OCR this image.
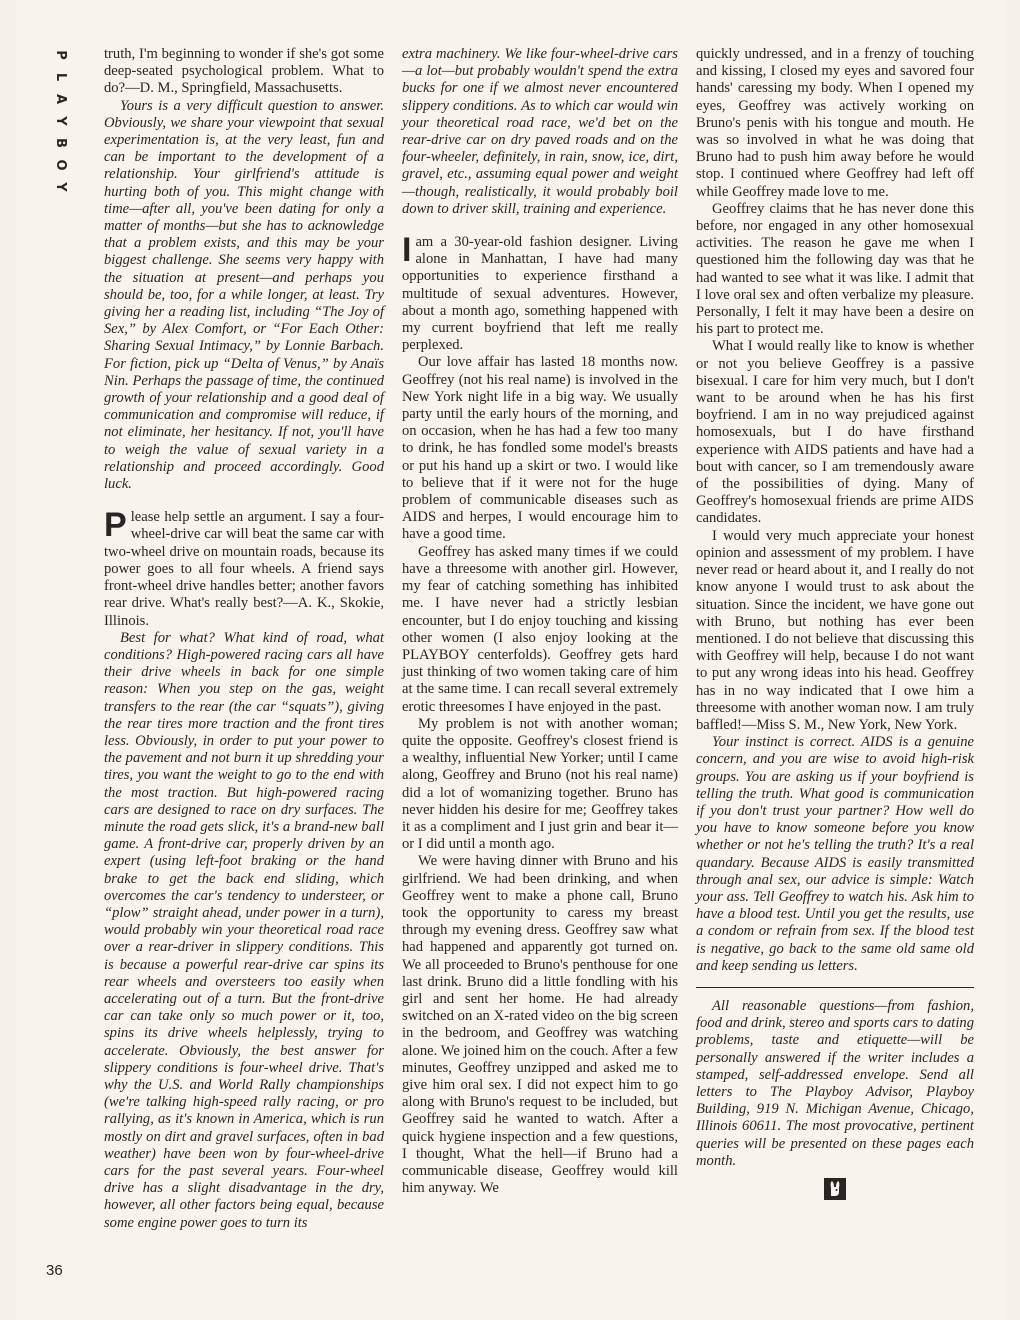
P
L
A
Y
B
O
Y
36

truth, I'm beginning to wonder if she's got some deep-seated psychological problem. What to do?—D. M., Springfield, Massachusetts.

Yours is a very difficult question to answer. Obviously, we share your viewpoint that sexual experimentation is, at the very least, fun and can be important to the development of a relationship. Your girlfriend's attitude is hurting both of you. This might change with time—after all, you've been dating for only a matter of months—but she has to acknowledge that a problem exists, and this may be your biggest challenge. She seems very happy with the situation at present—and perhaps you should be, too, for a while longer, at least. Try giving her a reading list, including “The Joy of Sex,” by Alex Comfort, or “For Each Other: Sharing Sexual Intimacy,” by Lonnie Barbach. For fiction, pick up “Delta of Venus,” by Anaïs Nin. Perhaps the passage of time, the continued growth of your relationship and a good deal of communication and compromise will reduce, if not eliminate, her hesitancy. If not, you'll have to weigh the value of sexual variety in a relationship and proceed accordingly. Good luck.

Please help settle an argument. I say a four-wheel-drive car will beat the same car with two-wheel drive on mountain roads, because its power goes to all four wheels. A friend says front-wheel drive handles better; another favors rear drive. What's really best?—A. K., Skokie, Illinois.

Best for what? What kind of road, what conditions? High-powered racing cars all have their drive wheels in back for one simple reason: When you step on the gas, weight transfers to the rear (the car “squats”), giving the rear tires more traction and the front tires less. Obviously, in order to put your power to the pavement and not burn it up shredding your tires, you want the weight to go to the end with the most traction. But high-powered racing cars are designed to race on dry surfaces. The minute the road gets slick, it's a brand-new ball game. A front-drive car, properly driven by an expert (using left-foot braking or the hand brake to get the back end sliding, which overcomes the car's tendency to understeer, or “plow” straight ahead, under power in a turn), would probably win your theoretical road race over a rear-driver in slippery conditions. This is because a powerful rear-drive car spins its rear wheels and oversteers too easily when accelerating out of a turn. But the front-drive car can take only so much power or it, too, spins its drive wheels helplessly, trying to accelerate. Obviously, the best answer for slippery conditions is four-wheel drive. That's why the U.S. and World Rally championships (we're talking high-speed rally racing, or pro rallying, as it's known in America, which is run mostly on dirt and gravel surfaces, often in bad weather) have been won by four-wheel-drive cars for the past several years. Four-wheel drive has a slight disadvantage in the dry, however, all other factors being equal, because some engine power goes to turn its

extra machinery. We like four-wheel-drive cars—a lot—but probably wouldn't spend the extra bucks for one if we almost never encountered slippery conditions. As to which car would win your theoretical road race, we'd bet on the rear-drive car on dry paved roads and on the four-wheeler, definitely, in rain, snow, ice, dirt, gravel, etc., assuming equal power and weight—though, realistically, it would probably boil down to driver skill, training and experience.

I am a 30-year-old fashion designer. Living alone in Manhattan, I have had many opportunities to experience firsthand a multitude of sexual adventures. However, about a month ago, something happened with my current boyfriend that left me really perplexed.

Our love affair has lasted 18 months now. Geoffrey (not his real name) is involved in the New York night life in a big way. We usually party until the early hours of the morning, and on occasion, when he has had a few too many to drink, he has fondled some model's breasts or put his hand up a skirt or two. I would like to believe that if it were not for the huge problem of communicable diseases such as AIDS and herpes, I would encourage him to have a good time.

Geoffrey has asked many times if we could have a threesome with another girl. However, my fear of catching something has inhibited me. I have never had a strictly lesbian encounter, but I do enjoy touching and kissing other women (I also enjoy looking at the PLAYBOY centerfolds). Geoffrey gets hard just thinking of two women taking care of him at the same time. I can recall several extremely erotic threesomes I have enjoyed in the past.

My problem is not with another woman; quite the opposite. Geoffrey's closest friend is a wealthy, influential New Yorker; until I came along, Geoffrey and Bruno (not his real name) did a lot of womanizing together. Bruno has never hidden his desire for me; Geoffrey takes it as a compliment and I just grin and bear it—or I did until a month ago.

We were having dinner with Bruno and his girlfriend. We had been drinking, and when Geoffrey went to make a phone call, Bruno took the opportunity to caress my breast through my evening dress. Geoffrey saw what had happened and apparently got turned on. We all proceeded to Bruno's penthouse for one last drink. Bruno did a little fondling with his girl and sent her home. He had already switched on an X-rated video on the big screen in the bedroom, and Geoffrey was watching alone. We joined him on the couch. After a few minutes, Geoffrey unzipped and asked me to give him oral sex. I did not expect him to go along with Bruno's request to be included, but Geoffrey said he wanted to watch. After a quick hygiene inspection and a few questions, I thought, What the hell—if Bruno had a communicable disease, Geoffrey would kill him anyway. We

quickly undressed, and in a frenzy of touching and kissing, I closed my eyes and savored four hands' caressing my body. When I opened my eyes, Geoffrey was actively working on Bruno's penis with his tongue and mouth. He was so involved in what he was doing that Bruno had to push him away before he would stop. I continued where Geoffrey had left off while Geoffrey made love to me.

Geoffrey claims that he has never done this before, nor engaged in any other homosexual activities. The reason he gave me when I questioned him the following day was that he had wanted to see what it was like. I admit that I love oral sex and often verbalize my pleasure. Personally, I felt it may have been a desire on his part to protect me.

What I would really like to know is whether or not you believe Geoffrey is a passive bisexual. I care for him very much, but I don't want to be around when he has his first boyfriend. I am in no way prejudiced against homosexuals, but I do have firsthand experience with AIDS patients and have had a bout with cancer, so I am tremendously aware of the possibilities of dying. Many of Geoffrey's homosexual friends are prime AIDS candidates.

I would very much appreciate your honest opinion and assessment of my problem. I have never read or heard about it, and I really do not know anyone I would trust to ask about the situation. Since the incident, we have gone out with Bruno, but nothing has ever been mentioned. I do not believe that discussing this with Geoffrey will help, because I do not want to put any wrong ideas into his head. Geoffrey has in no way indicated that I owe him a threesome with another woman now. I am truly baffled!—Miss S. M., New York, New York.

Your instinct is correct. AIDS is a genuine concern, and you are wise to avoid high-risk groups. You are asking us if your boyfriend is telling the truth. What good is communication if you don't trust your partner? How well do you have to know someone before you know whether or not he's telling the truth? It's a real quandary. Because AIDS is easily transmitted through anal sex, our advice is simple: Watch your ass. Tell Geoffrey to watch his. Ask him to have a blood test. Until you get the results, use a condom or refrain from sex. If the blood test is negative, go back to the same old same old and keep sending us letters.

All reasonable questions—from fashion, food and drink, stereo and sports cars to dating problems, taste and etiquette—will be personally answered if the writer includes a stamped, self-addressed envelope. Send all letters to The Playboy Advisor, Playboy Building, 919 N. Michigan Avenue, Chicago, Illinois 60611. The most provocative, pertinent queries will be presented on these pages each month.
